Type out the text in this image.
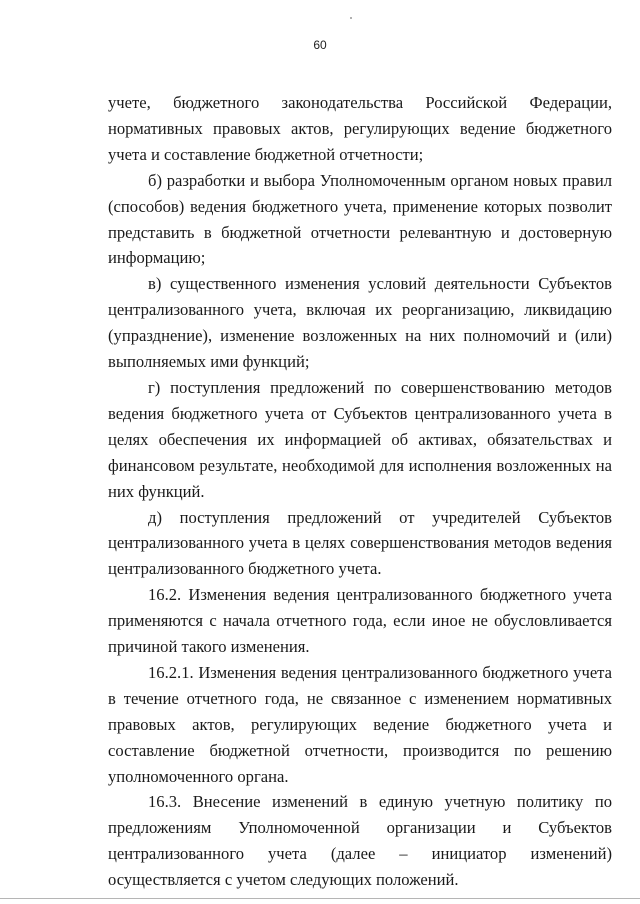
60

учете, бюджетного законодательства Российской Федерации, нормативных правовых актов, регулирующих ведение бюджетного учета и составление бюджетной отчетности;

б) разработки и выбора Уполномоченным органом новых правил (способов) ведения бюджетного учета, применение которых позволит представить в бюджетной отчетности релевантную и достоверную информацию;

в) существенного изменения условий деятельности Субъектов централизованного учета, включая их реорганизацию, ликвидацию (упразднение), изменение возложенных на них полномочий и (или) выполняемых ими функций;

г) поступления предложений по совершенствованию методов ведения бюджетного учета от Субъектов централизованного учета в целях обеспечения их информацией об активах, обязательствах и финансовом результате, необходимой для исполнения возложенных на них функций.

д) поступления предложений от учредителей Субъектов централизованного учета в целях совершенствования методов ведения централизованного бюджетного учета.

16.2. Изменения ведения централизованного бюджетного учета применяются с начала отчетного года, если иное не обусловливается причиной такого изменения.

16.2.1. Изменения ведения централизованного бюджетного учета в течение отчетного года, не связанное с изменением нормативных правовых актов, регулирующих ведение бюджетного учета и составление бюджетной отчетности, производится по решению уполномоченного органа.

16.3. Внесение изменений в единую учетную политику по предложениям Уполномоченной организации и Субъектов централизованного учета (далее – инициатор изменений) осуществляется с учетом следующих положений.
